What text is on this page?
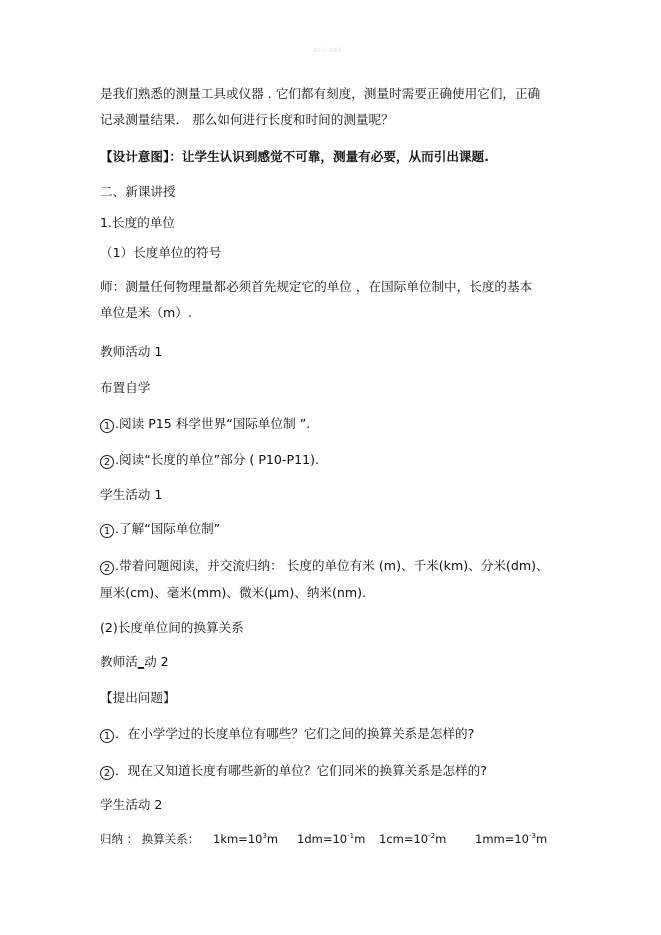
第1页 共8页
是我们熟悉的测量工具或仪器 . 它们都有刻度，测量时需要正确使用它们，正确
记录测量结果． 那么如何进行长度和时间的测量呢？
【设计意图】：让学生认识到感觉不可靠，测量有必要，从而引出课题.
二、新课讲授
1.长度的单位
（1）长度单位的符号
师：测量任何物理量都必须首先规定它的单位 ，在国际单位制中，长度的基本
单位是米（m）.
教师活动 1
布置自学
1 .阅读 P15 科学世界“国际单位制 ”.
2 .阅读“长度的单位”部分 ( P10-P11).
学生活动 1
1 .了解“国际单位制”
2 .带着问题阅读，并交流归纳： 长度的单位有米 (m)、千米(km)、分米(dm)、
厘米(cm)、毫米(mm)、微米(μm)、纳米(nm).
(2)长度单位间的换算关系
教师活_动 2
【提出问题】
1 ．在小学学过的长度单位有哪些？它们之间的换算关系是怎样的?
2 ．现在又知道长度有哪些新的单位？它们同米的换算关系是怎样的?
学生活动 2
归纳 ： 换算关系： $1km=10^3m$ $1dm=10^{-1}m$ $1cm=10^{-2}m$ $1mm=10^{-3}m$
